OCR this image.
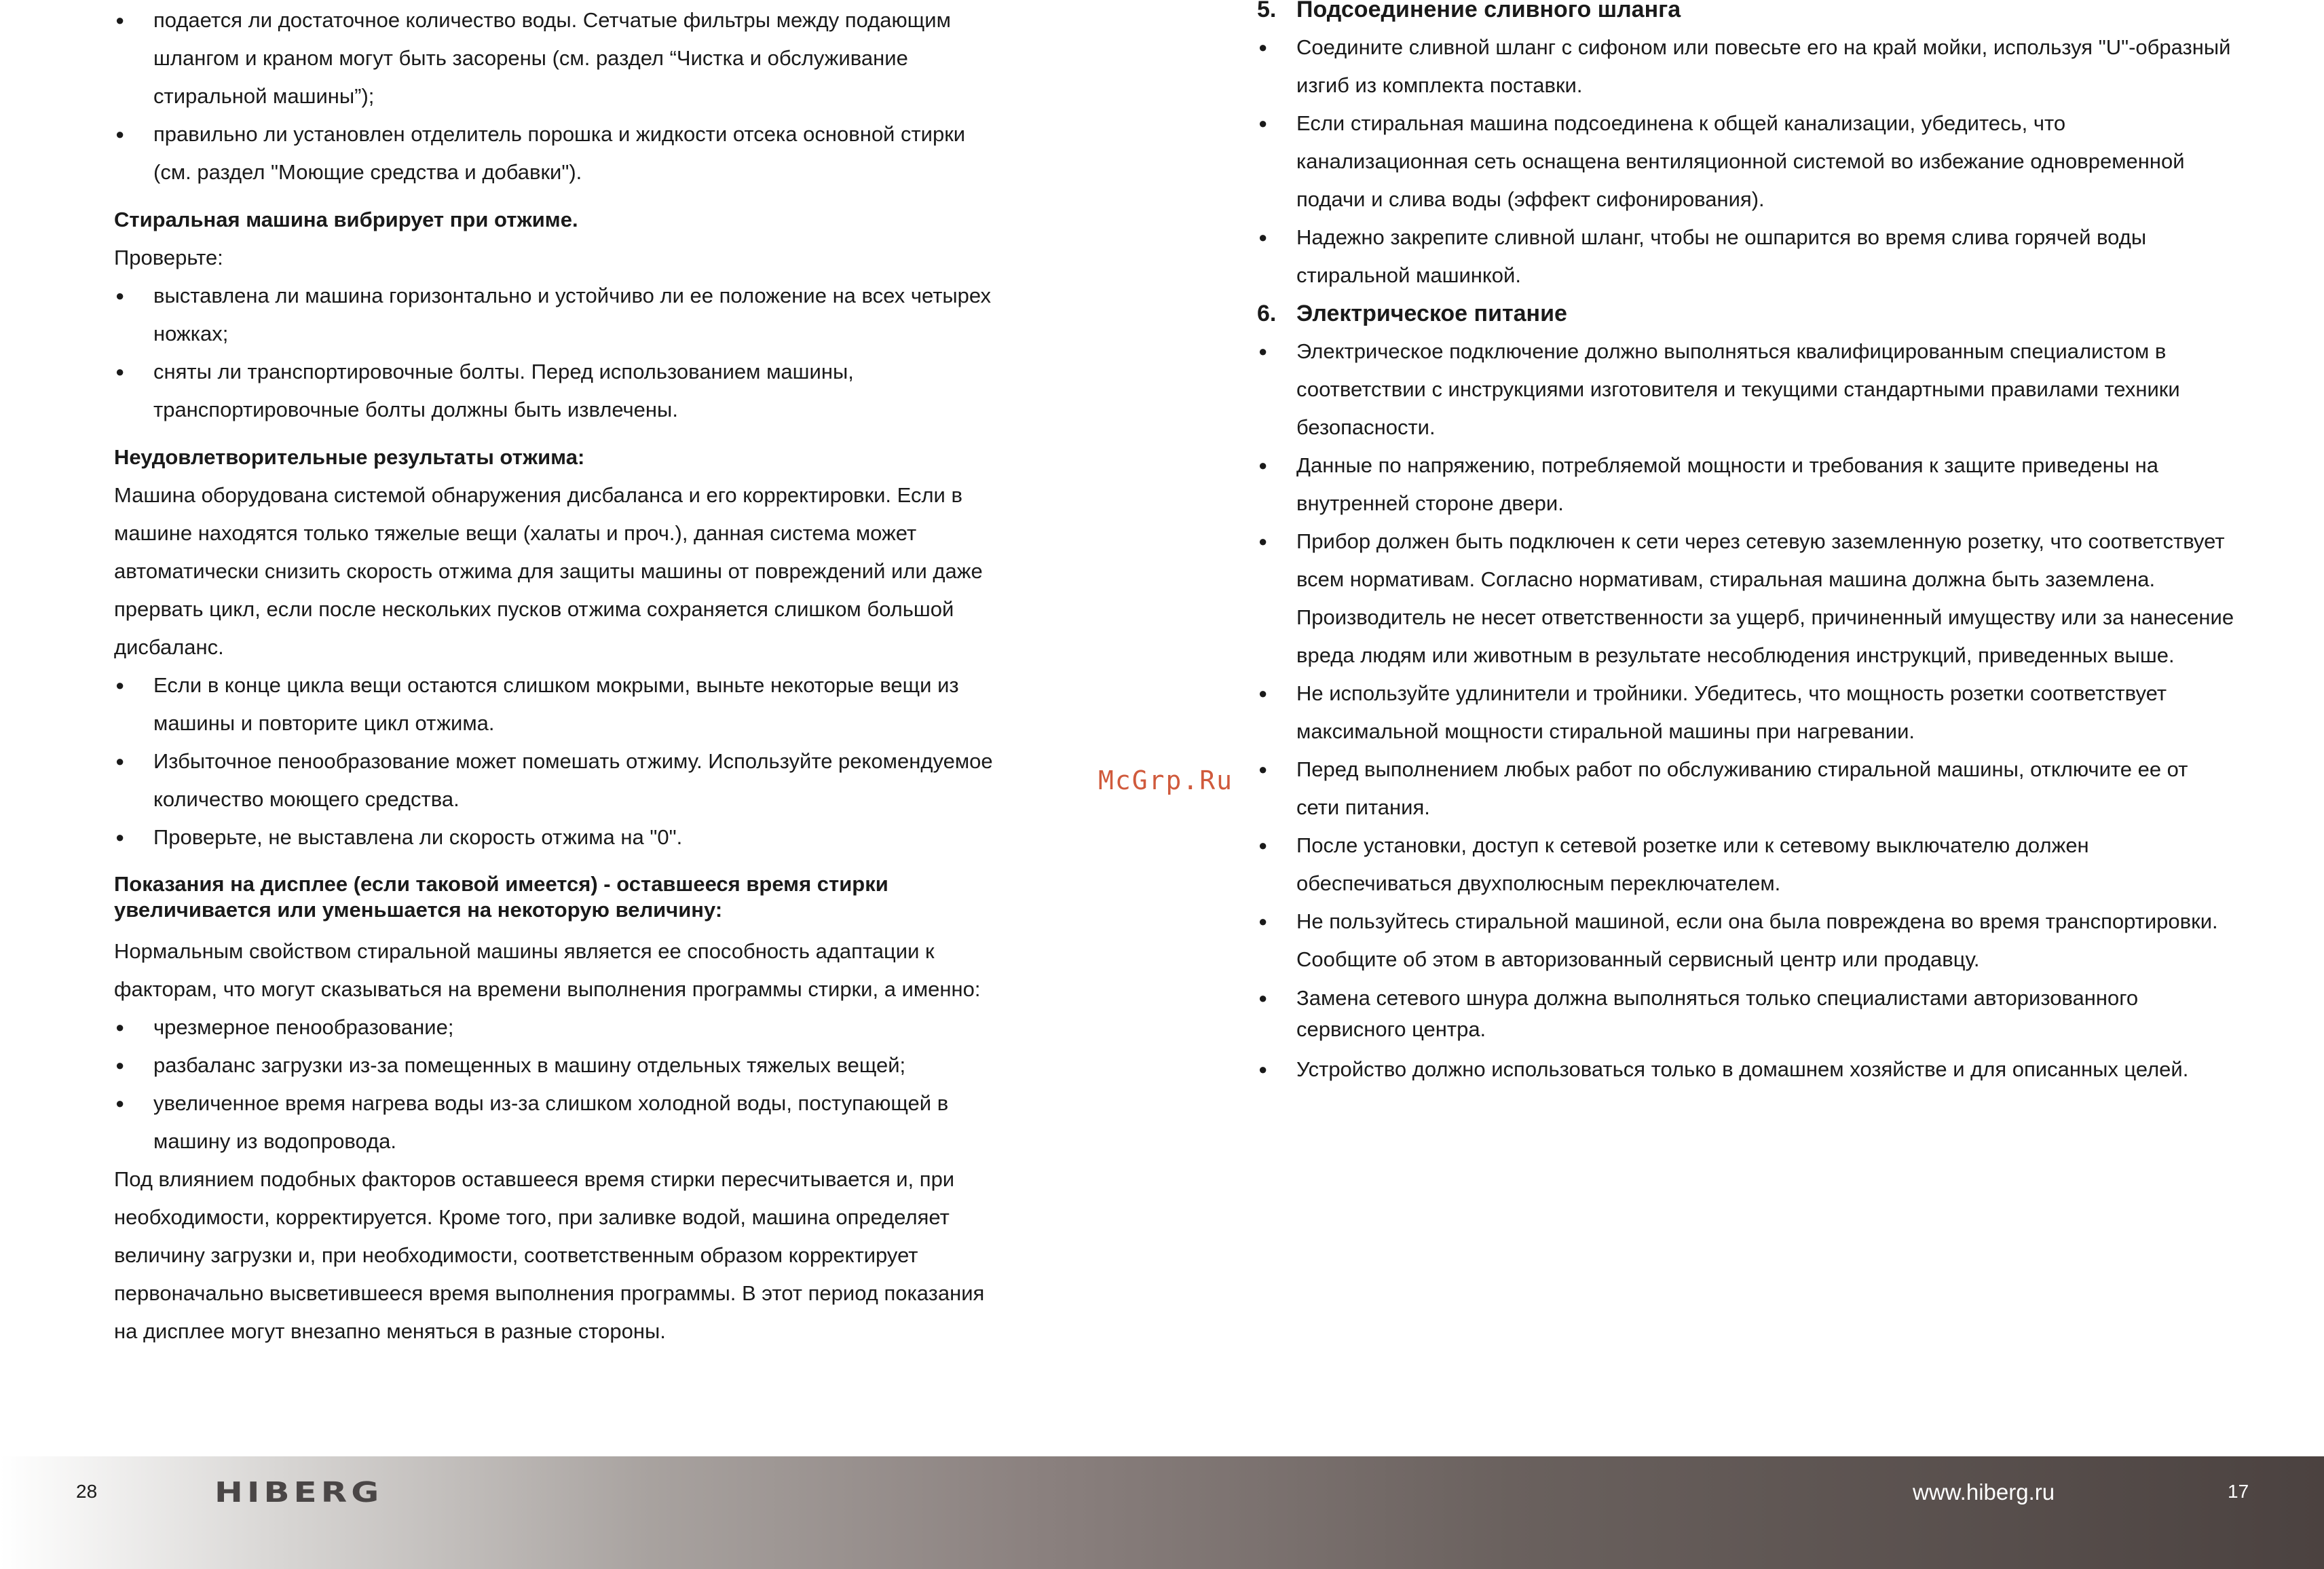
● подается ли достаточное количество воды. Сетчатые фильтры между подающим шлангом и краном могут быть засорены (см. раздел “Чистка и обслуживание стиральной машины”);

● правильно ли установлен отделитель порошка и жидкости отсека основной стирки (см. раздел "Моющие средства и добавки").

Стиральная машина вибрирует при отжиме.

Проверьте:

● выставлена ли машина горизонтально и устойчиво ли ее положение на всех четырех ножках;

● сняты ли транспортировочные болты. Перед использованием машины, транспортировочные болты должны быть извлечены.

Неудовлетворительные результаты отжима:

Машина оборудована системой обнаружения дисбаланса и его корректировки. Если в машине находятся только тяжелые вещи (халаты и проч.), данная система может автоматически снизить скорость отжима для защиты машины от повреждений или даже прервать цикл, если после нескольких пусков отжима сохраняется слишком большой дисбаланс.

● Если в конце цикла вещи остаются слишком мокрыми, выньте некоторые вещи из машины и повторите цикл отжима.

● Избыточное пенообразование может помешать отжиму. Используйте рекомендуемое количество моющего средства.

● Проверьте, не выставлена ли скорость отжима на "0".

Показания на дисплее (если таковой имеется) - оставшееся время стирки увеличивается или уменьшается на некоторую величину:

Нормальным свойством стиральной машины является ее способность адаптации к факторам, что могут сказываться на времени выполнения программы стирки, а именно:

● чрезмерное пенообразование;

● разбаланс загрузки из-за помещенных в машину отдельных тяжелых вещей;

● увеличенное время нагрева воды из-за слишком холодной воды, поступающей в машину из водопровода.

Под влиянием подобных факторов оставшееся время стирки пересчитывается и, при необходимости, корректируется. Кроме того, при заливке водой, машина определяет величину загрузки и, при необходимости, соответственным образом корректирует первоначально высветившееся время выполнения программы. В этот период показания на дисплее могут внезапно меняться в разные стороны.

5. Подсоединение сливного шланга

● Соедините сливной шланг с сифоном или повесьте его на край мойки, используя "U"-образный изгиб из комплекта поставки.

● Если стиральная машина подсоединена к общей канализации, убедитесь, что канализационная сеть оснащена вентиляционной системой во избежание одновременной подачи и слива воды (эффект сифонирования).

● Надежно закрепите сливной шланг, чтобы не ошпарится во время слива горячей воды стиральной машинкой.

6. Электрическое питание

● Электрическое подключение должно выполняться квалифицированным специалистом в соответствии с инструкциями изготовителя и текущими стандартными правилами техники безопасности.

● Данные по напряжению, потребляемой мощности и требования к защите приведены на внутренней стороне двери.

● Прибор должен быть подключен к сети через сетевую заземленную розетку, что соответствует всем нормативам. Согласно нормативам, стиральная машина должна быть заземлена. Производитель не несет ответственности за ущерб, причиненный имуществу или за нанесение вреда людям или животным в результате несоблюдения инструкций, приведенных выше.

● Не используйте удлинители и тройники. Убедитесь, что мощность розетки соответствует максимальной мощности стиральной машины при нагревании.

● Перед выполнением любых работ по обслуживанию стиральной машины, отключите ее от сети питания.

● После установки, доступ к сетевой розетке или к сетевому выключателю должен обеспечиваться двухполюсным переключателем.

● Не пользуйтесь стиральной машиной, если она была повреждена во время транспортировки. Сообщите об этом в авторизованный сервисный центр или продавцу.

● Замена сетевого шнура должна выполняться только специалистами авторизованного сервисного центра.

● Устройство должно использоваться только в домашнем хозяйстве и для описанных целей.

McGrp.Ru
28	HIBERG	www.hiberg.ru	17
